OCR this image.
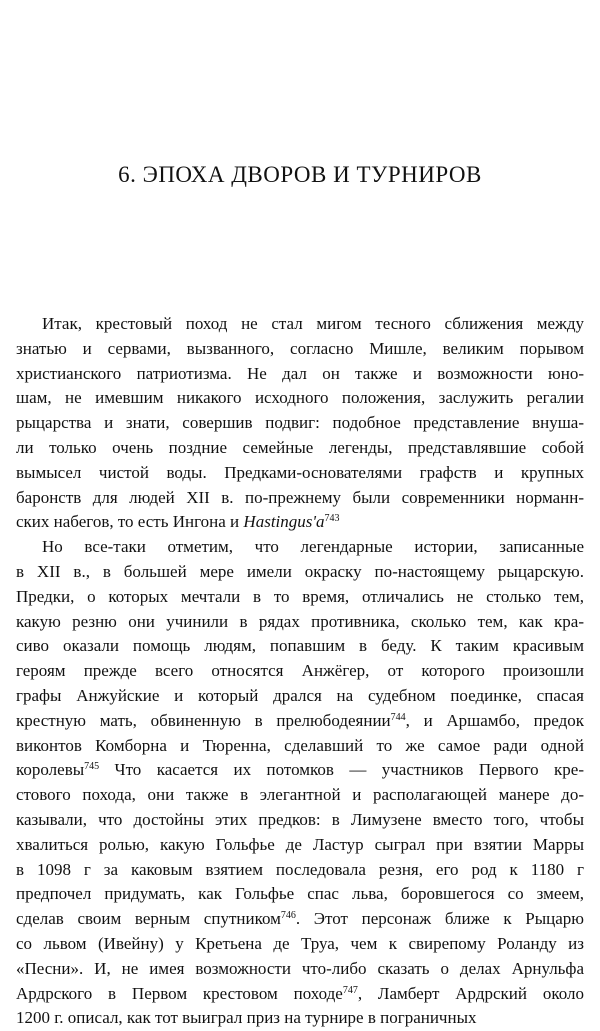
6. ЭПОХА ДВОРОВ И ТУРНИРОВ
Итак, крестовый поход не стал мигом тесного сближения между
знатью и сервами, вызванного, согласно Мишле, великим порывом
христианского патриотизма. Не дал он также и возможности юно-
шам, не имевшим никакого исходного положения, заслужить регалии
рыцарства и знати, совершив подвиг: подобное представление внуша-
ли только очень поздние семейные легенды, представлявшие собой
вымысел чистой воды. Предками-основателями графств и крупных
баронств для людей XII в. по-прежнему были современники норманн-
ских набегов, то есть Ингона и Hastingus'a$^{743}$
Но все-таки отметим, что легендарные истории, записанные
в XII в., в большей мере имели окраску по-настоящему рыцарскую.
Предки, о которых мечтали в то время, отличались не столько тем,
какую резню они учинили в рядах противника, сколько тем, как кра-
сиво оказали помощь людям, попавшим в беду. К таким красивым
героям прежде всего относятся Анжёгер, от которого произошли
графы Анжуйские и который дрался на судебном поединке, спасая
крестную мать, обвиненную в прелюбодеянии$^{744}$, и Аршамбо, предок
виконтов Комборна и Тюренна, сделавший то же самое ради одной
королевы$^{745}$ Что касается их потомков — участников Первого кре-
стового похода, они также в элегантной и располагающей манере до-
казывали, что достойны этих предков: в Лимузене вместо того, чтобы
хвалиться ролью, какую Гольфье де Ластур сыграл при взятии Марры
в 1098 г за каковым взятием последовала резня, его род к 1180 г
предпочел придумать, как Гольфье спас льва, боровшегося со змеем,
сделав своим верным спутником$^{746}$. Этот персонаж ближе к Рыцарю
со львом (Ивейну) у Кретьена де Труа, чем к свирепому Роланду из
«Песни». И, не имея возможности что-либо сказать о делах Арнульфа
Ардрского в Первом крестовом походе$^{747}$, Ламберт Ардрский около
1200 г. описал, как тот выиграл приз на турнире в пограничных
